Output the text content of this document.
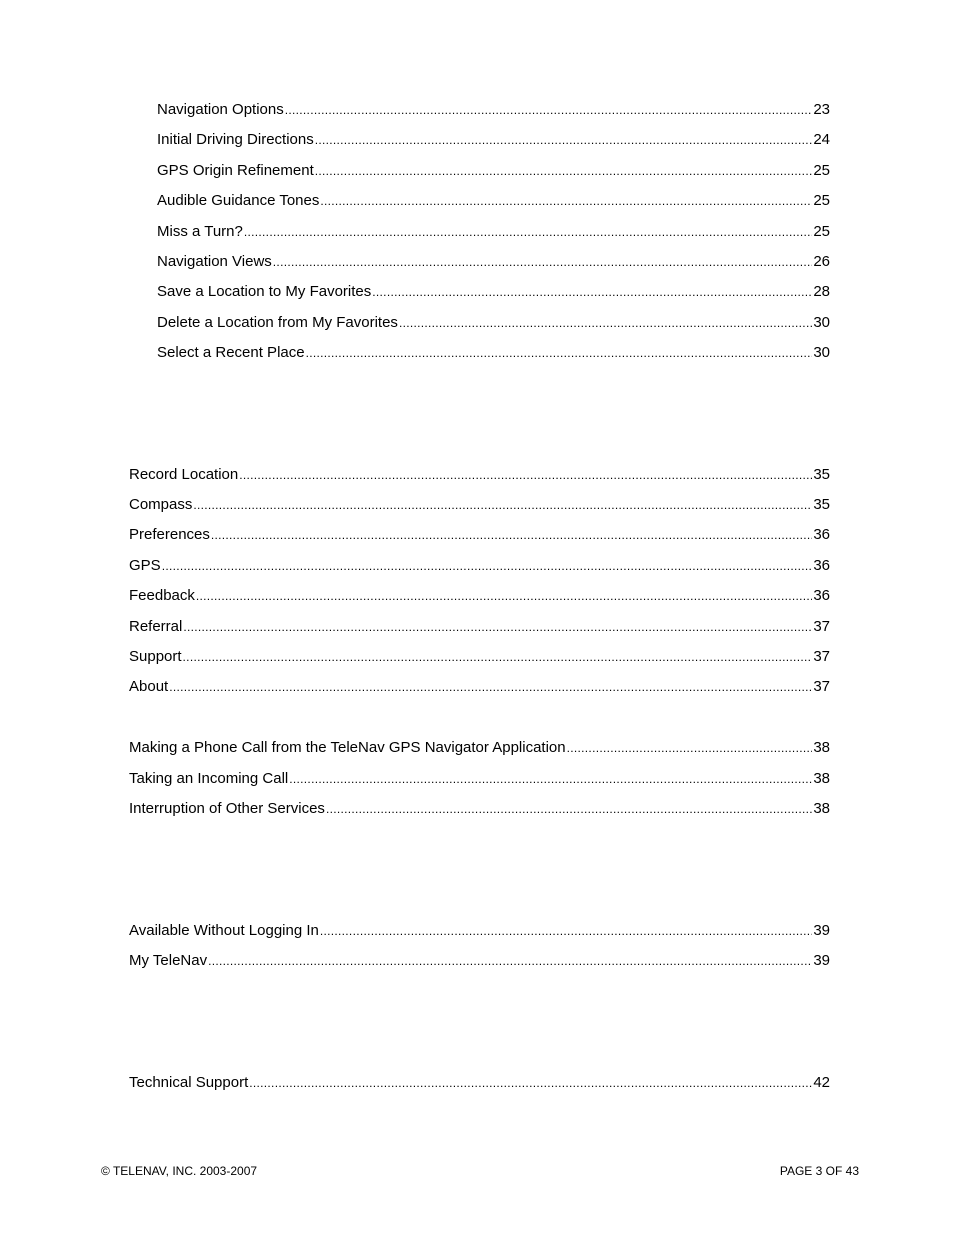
Navigation Options .....	23
Initial Driving Directions .....	24
GPS Origin Refinement .....	25
Audible Guidance Tones .....	25
Miss a Turn? .....	25
Navigation Views .....	26
Save a Location to My Favorites .....	28
Delete a Location from My Favorites .....	30
Select a Recent Place .....	30
Record Location .....	35
Compass .....	35
Preferences .....	36
GPS .....	36
Feedback .....	36
Referral .....	37
Support .....	37
About .....	37
Making a Phone Call from the TeleNav GPS Navigator Application .....	38
Taking an Incoming Call .....	38
Interruption of Other Services .....	38
Available Without Logging In .....	39
My TeleNav .....	39
Technical Support .....	42
© TELENAV, INC. 2003-2007	PAGE 3 OF 43
